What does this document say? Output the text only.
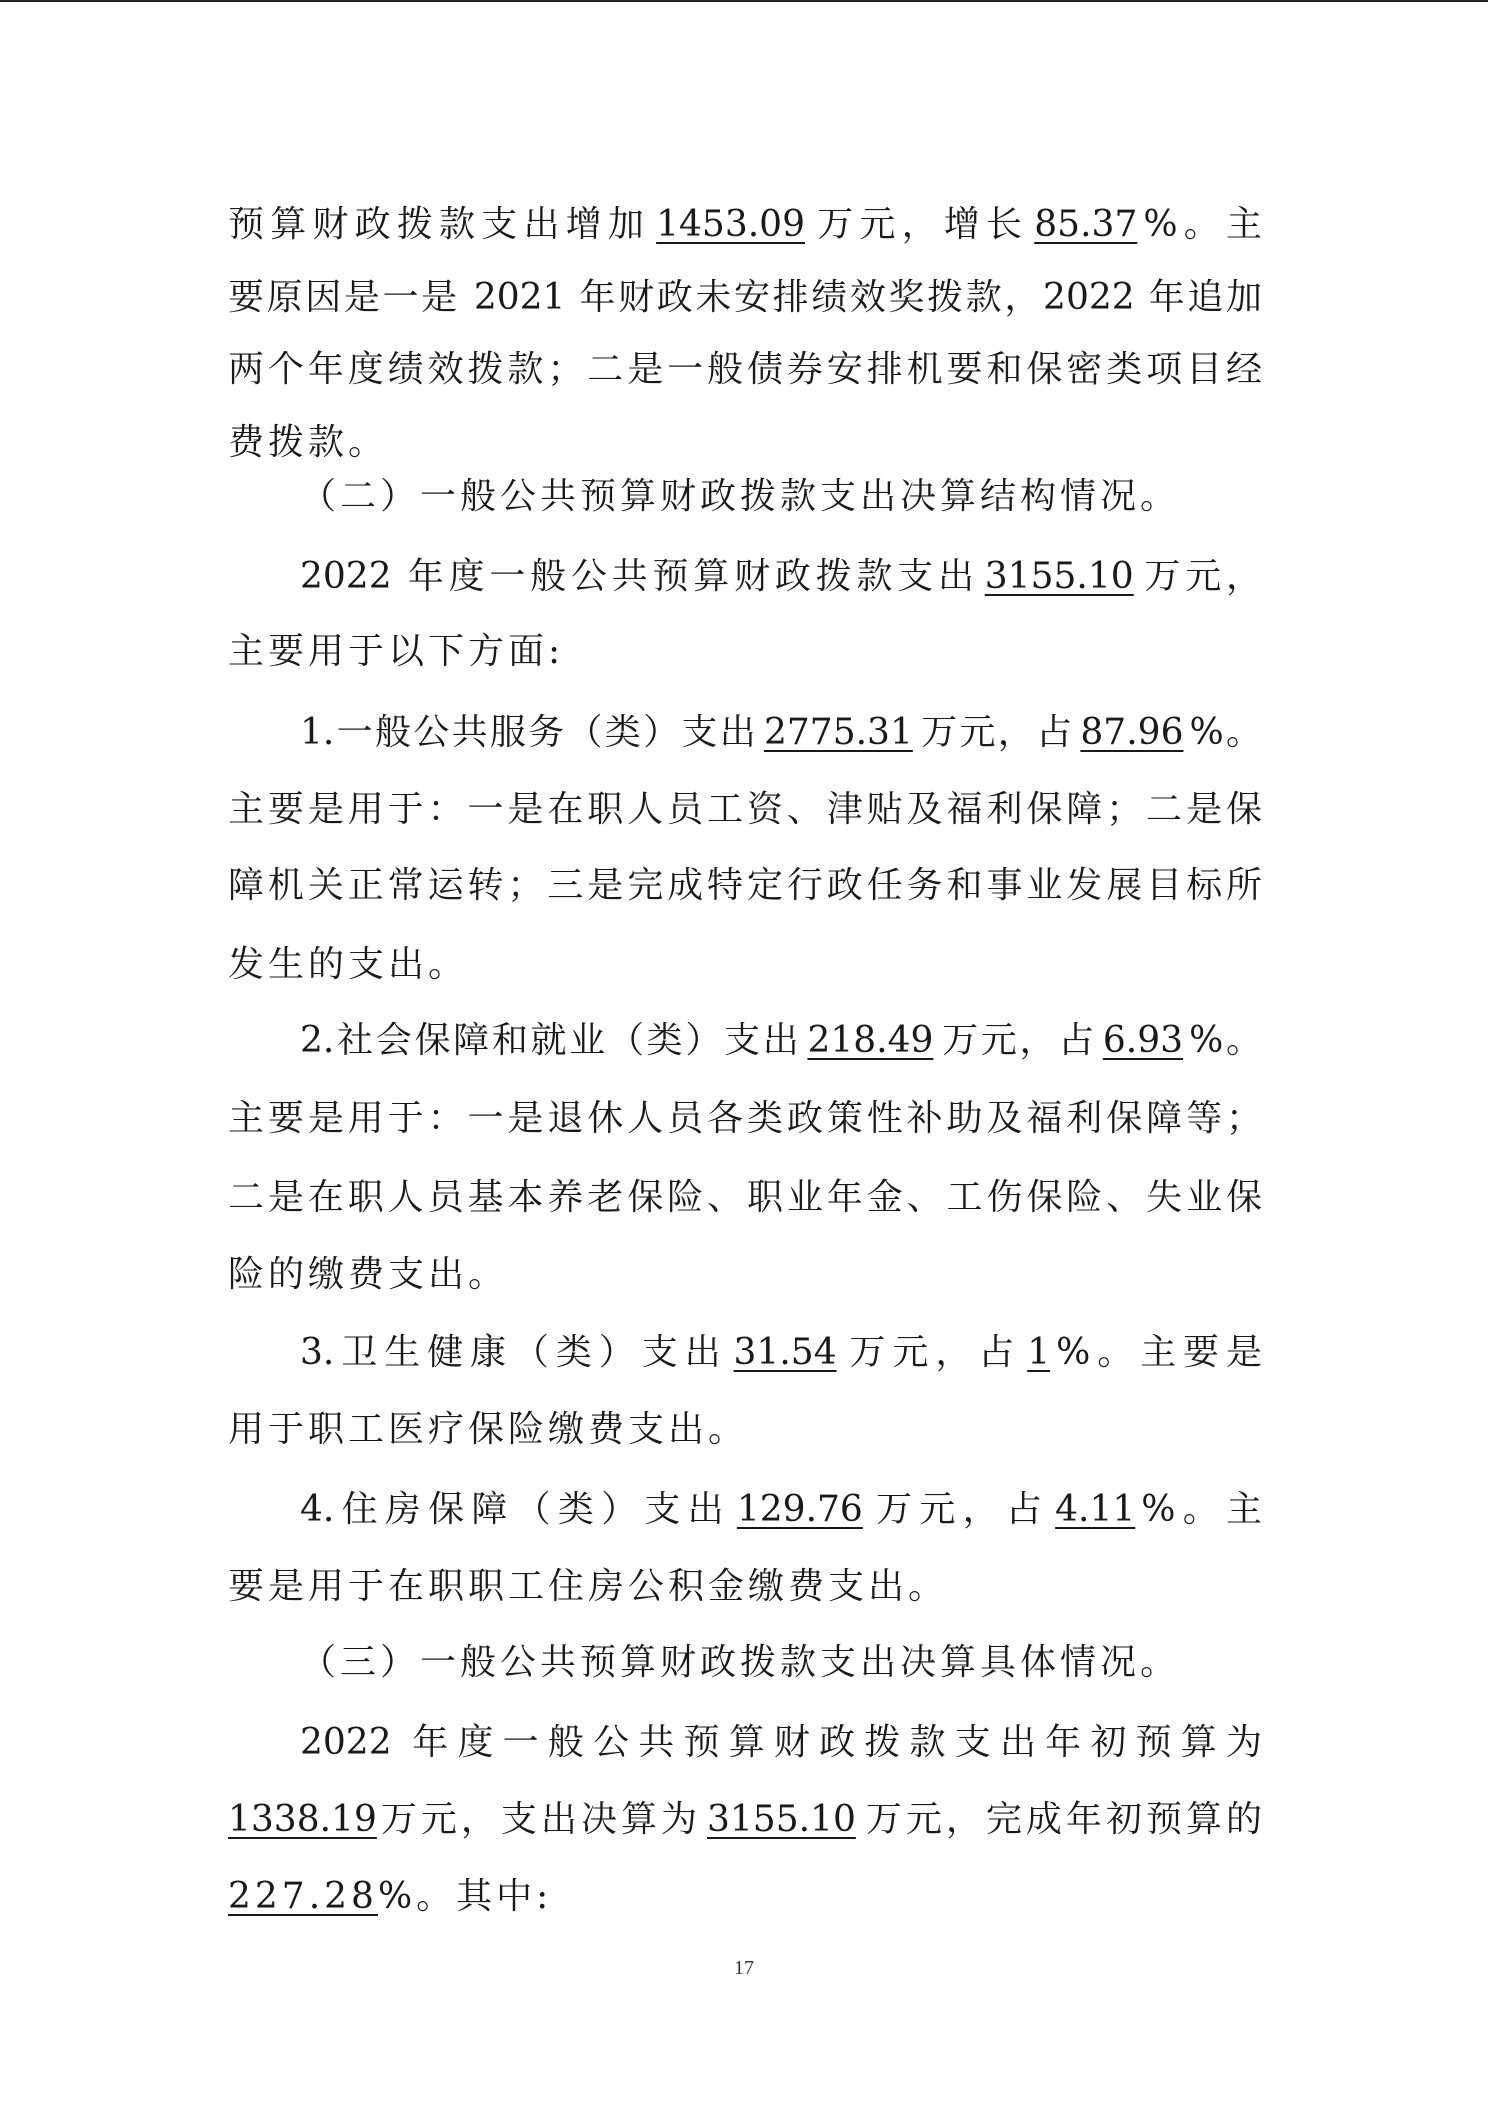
预算财政拨款支出增加 1453.09 万元，增长 85.37 %。主
要原因是一是 2021 年财政未安排绩效奖拨款，2022 年追加
两个年度绩效拨款；二是一般债券安排机要和保密类项目经
费拨款。
（二）一般公共预算财政拨款支出决算结构情况。
2022 年度一般公共预算财政拨款支出 3155.10 万元，
主要用于以下方面:
1.一般公共服务（类）支出 2775.31 万元，占 87.96 %。
主要是用于：一是在职人员工资、津贴及福利保障；二是保
障机关正常运转；三是完成特定行政任务和事业发展目标所
发生的支出。
2.社会保障和就业（类）支出 218.49 万元，占 6.93 %。
主要是用于：一是退休人员各类政策性补助及福利保障等；
二是在职人员基本养老保险、职业年金、工伤保险、失业保
险的缴费支出。
3.卫生健康（类）支出 31.54 万元，占 1 %。主要是
用于职工医疗保险缴费支出。
4.住房保障（类）支出 129.76 万元，占 4.11 %。主
要是用于在职职工住房公积金缴费支出。
（三）一般公共预算财政拨款支出决算具体情况。
2022 年度一般公共预算财政拨款支出年初预算为
1338.19万元，支出决算为 3155.10 万元，完成年初预算的
227.28%。其中:
17
